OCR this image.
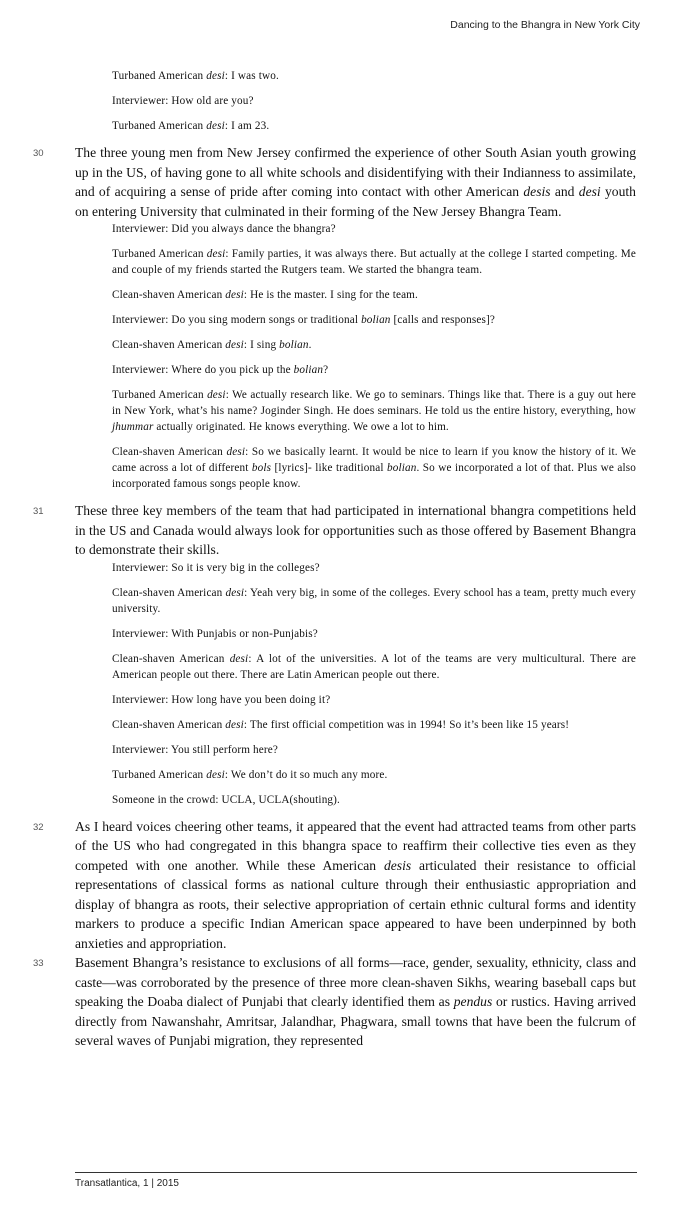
Dancing to the Bhangra in New York City
Turbaned American desi: I was two.
Interviewer: How old are you?
Turbaned American desi: I am 23.
30 The three young men from New Jersey confirmed the experience of other South Asian youth growing up in the US, of having gone to all white schools and disidentifying with their Indianness to assimilate, and of acquiring a sense of pride after coming into contact with other American desis and desi youth on entering University that culminated in their forming of the New Jersey Bhangra Team.
Interviewer: Did you always dance the bhangra?
Turbaned American desi: Family parties, it was always there. But actually at the college I started competing. Me and couple of my friends started the Rutgers team. We started the bhangra team.
Clean-shaven American desi: He is the master. I sing for the team.
Interviewer: Do you sing modern songs or traditional bolian [calls and responses]?
Clean-shaven American desi: I sing bolian.
Interviewer: Where do you pick up the bolian?
Turbaned American desi: We actually research like. We go to seminars. Things like that. There is a guy out here in New York, what’s his name? Joginder Singh. He does seminars. He told us the entire history, everything, how jhummar actually originated. He knows everything. We owe a lot to him.
Clean-shaven American desi: So we basically learnt. It would be nice to learn if you know the history of it. We came across a lot of different bols [lyrics]- like traditional bolian. So we incorporated a lot of that. Plus we also incorporated famous songs people know.
31 These three key members of the team that had participated in international bhangra competitions held in the US and Canada would always look for opportunities such as those offered by Basement Bhangra to demonstrate their skills.
Interviewer: So it is very big in the colleges?
Clean-shaven American desi: Yeah very big, in some of the colleges. Every school has a team, pretty much every university.
Interviewer: With Punjabis or non-Punjabis?
Clean-shaven American desi: A lot of the universities. A lot of the teams are very multicultural. There are American people out there. There are Latin American people out there.
Interviewer: How long have you been doing it?
Clean-shaven American desi: The first official competition was in 1994! So it’s been like 15 years!
Interviewer: You still perform here?
Turbaned American desi: We don’t do it so much any more.
Someone in the crowd: UCLA, UCLA(shouting).
32 As I heard voices cheering other teams, it appeared that the event had attracted teams from other parts of the US who had congregated in this bhangra space to reaffirm their collective ties even as they competed with one another. While these American desis articulated their resistance to official representations of classical forms as national culture through their enthusiastic appropriation and display of bhangra as roots, their selective appropriation of certain ethnic cultural forms and identity markers to produce a specific Indian American space appeared to have been underpinned by both anxieties and appropriation.
33 Basement Bhangra’s resistance to exclusions of all forms—race, gender, sexuality, ethnicity, class and caste—was corroborated by the presence of three more clean-shaven Sikhs, wearing baseball caps but speaking the Doaba dialect of Punjabi that clearly identified them as pendus or rustics. Having arrived directly from Nawanshahr, Amritsar, Jalandhar, Phagwara, small towns that have been the fulcrum of several waves of Punjabi migration, they represented
Transatlantica, 1 | 2015
